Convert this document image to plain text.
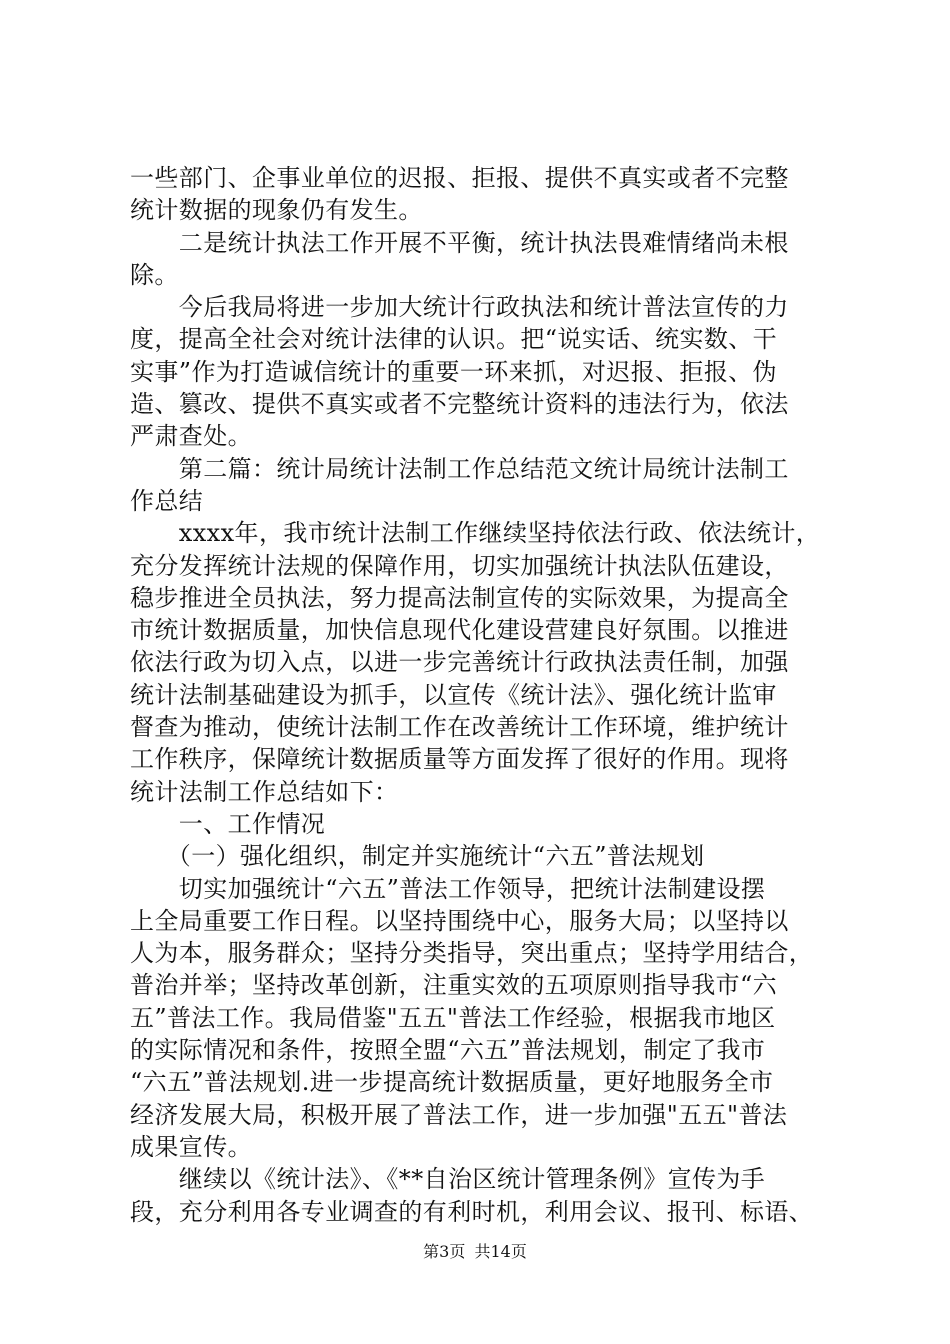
一些部门、企事业单位的迟报、拒报、提供不真实或者不完整
统计数据的现象仍有发生。
　　二是统计执法工作开展不平衡，统计执法畏难情绪尚未根
除。
　　今后我局将进一步加大统计行政执法和统计普法宣传的力
度，提高全社会对统计法律的认识。把“说实话、统实数、干
实事”作为打造诚信统计的重要一环来抓，对迟报、拒报、伪
造、篡改、提供不真实或者不完整统计资料的违法行为，依法
严肃查处。
　　第二篇：统计局统计法制工作总结范文统计局统计法制工
作总结
　　xxxx年，我市统计法制工作继续坚持依法行政、依法统计，
充分发挥统计法规的保障作用，切实加强统计执法队伍建设，
稳步推进全员执法，努力提高法制宣传的实际效果，为提高全
市统计数据质量，加快信息现代化建设营建良好氛围。以推进
依法行政为切入点，以进一步完善统计行政执法责任制，加强
统计法制基础建设为抓手，以宣传《统计法》、强化统计监审
督查为推动，使统计法制工作在改善统计工作环境，维护统计
工作秩序，保障统计数据质量等方面发挥了很好的作用。现将
统计法制工作总结如下：
　　一、工作情况
　　（一）强化组织，制定并实施统计“六五”普法规划
　　切实加强统计“六五”普法工作领导，把统计法制建设摆
上全局重要工作日程。以坚持围绕中心，服务大局；以坚持以
人为本，服务群众；坚持分类指导，突出重点；坚持学用结合，
普治并举；坚持改革创新，注重实效的五项原则指导我市“六
五”普法工作。我局借鉴"五五"普法工作经验，根据我市地区
的实际情况和条件，按照全盟“六五”普法规划，制定了我市
“六五”普法规划.进一步提高统计数据质量，更好地服务全市
经济发展大局，积极开展了普法工作，进一步加强"五五"普法
成果宣传。
　　继续以《统计法》、《**自治区统计管理条例》宣传为手
段，充分利用各专业调查的有利时机，利用会议、报刊、标语、
第3页 共14页
